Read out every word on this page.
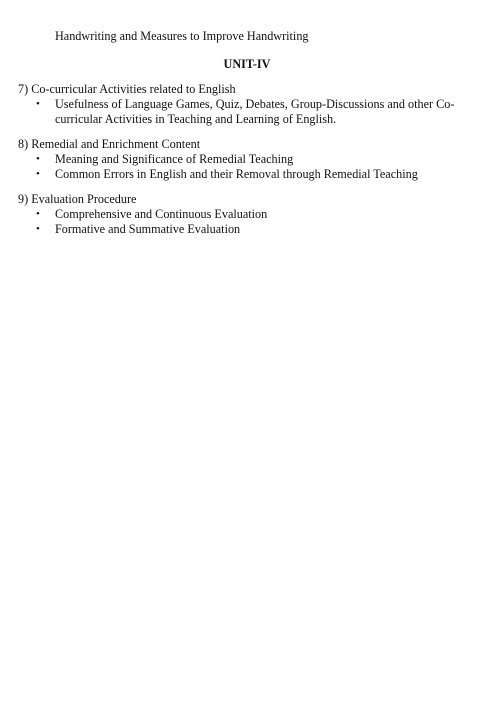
Handwriting and Measures to Improve Handwriting
UNIT-IV
7) Co-curricular Activities related to English
• Usefulness of Language Games, Quiz, Debates, Group-Discussions and other Co- curricular Activities in Teaching and Learning of English.
8) Remedial and Enrichment Content
• Meaning and Significance of Remedial Teaching
• Common Errors in English and their Removal through Remedial Teaching
9) Evaluation Procedure
• Comprehensive and Continuous Evaluation
• Formative and Summative Evaluation
